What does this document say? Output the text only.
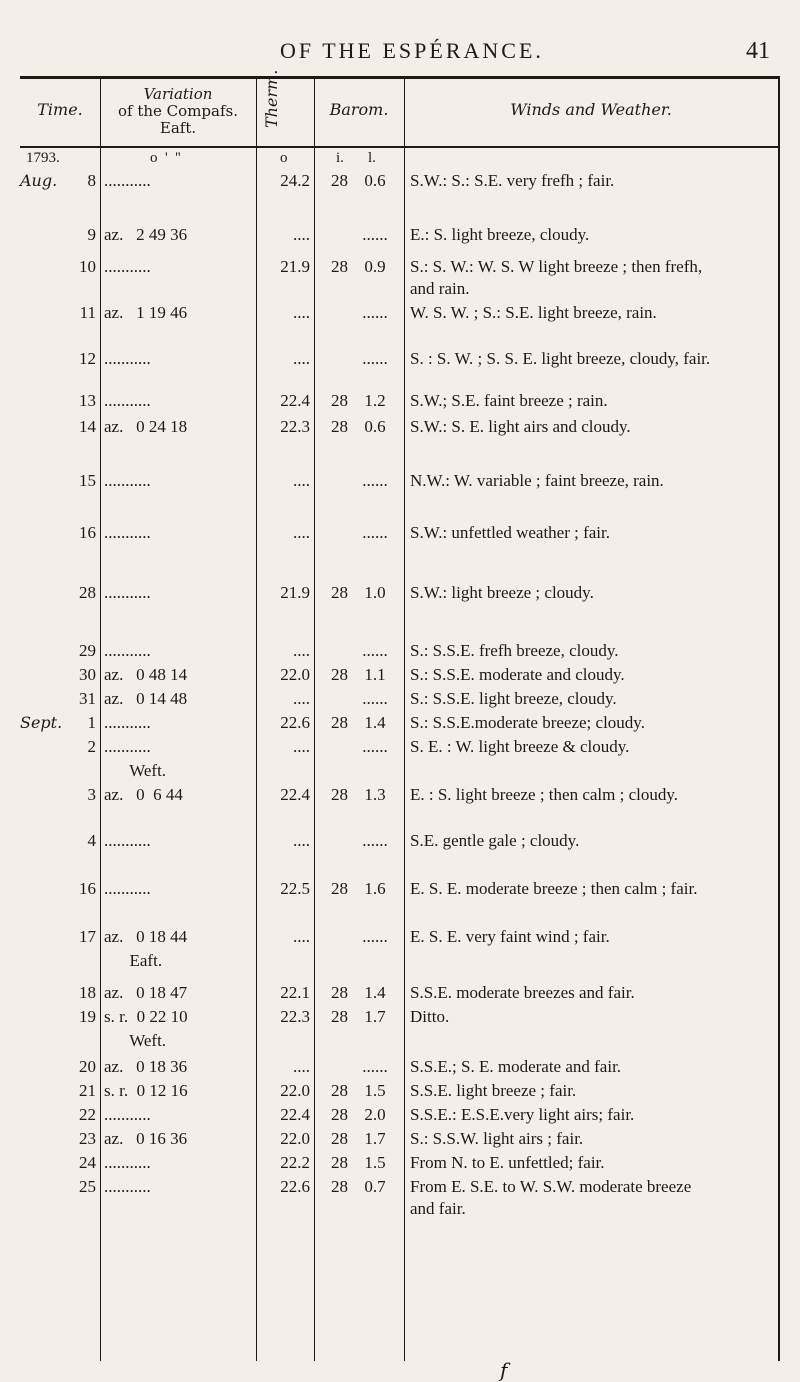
OF THE ESPÉRANCE.	41
Time.
Variation
of the Compafs.
Eaft.	Therm.	Barom.	Winds and Weather.
1793.	o  '  ''	o	i. l.
Aug.	8 ...........	24.2	28 0.6	S.W.: S.: S.E. very frefh ; fair.
9 az.   2 49 36	....	......	E.: S. light breeze, cloudy.
10 ...........	21.9	28 0.9	S.: S. W.: W. S. W light breeze ; then frefh, and rain.
11 az.   1 19 46	....	......	W. S. W. ; S.: S.E. light breeze, rain.
12 ...........	....	......	S. : S. W. ; S. S. E. light breeze, cloudy, fair.
13 ...........	22.4	28 1.2	S.W.; S.E. faint breeze ; rain.
14 az.   0 24 18	22.3	28 0.6	S.W.: S. E. light airs and cloudy.
15 ...........	....	......	N.W.: W. variable ; faint breeze, rain.
16 ...........	....	......	S.W.: unfettled weather ; fair.
28 ...........	21.9	28 1.0	S.W.: light breeze ; cloudy.
29 ...........	....	......	S.: S.S.E. frefh breeze, cloudy.
30 az.   0 48 14	22.0	28 1.1	S.: S.S.E. moderate and cloudy.
31 az.   0 14 48	....	......	S.: S.S.E. light breeze, cloudy.
Sept.	1 ...........	22.6	28 1.4	S.: S.S.E.moderate breeze; cloudy.
2 ...........	....	......	S. E. : W. light breeze & cloudy.
Weft.
3 az.   0  6 44	22.4	28 1.3	E. : S. light breeze ; then calm ; cloudy.
4 ...........	....	......	S.E. gentle gale ; cloudy.
16 ...........	22.5	28 1.6	E. S. E. moderate breeze ; then calm ; fair.
17 az.   0 18 44	....	......	E. S. E. very faint wind ; fair.
Eaft.
18 az.   0 18 47	22.1	28 1.4	S.S.E. moderate breezes and fair.
19 s. r.  0 22 10	22.3	28 1.7	Ditto.
Weft.
20 az.   0 18 36	....	......	S.S.E.; S. E. moderate and fair.
21 s. r.  0 12 16	22.0	28 1.5	S.S.E. light breeze ; fair.
22 ...........	22.4	28 2.0	S.S.E.: E.S.E.very light airs; fair.
23 az.   0 16 36	22.0	28 1.7	S.: S.S.W. light airs ; fair.
24 ...........	22.2	28 1.5	From N. to E. unfettled; fair.
25 ...........	22.6	28 0.7	From E. S.E. to W. S.W. moderate breeze and fair.
f
